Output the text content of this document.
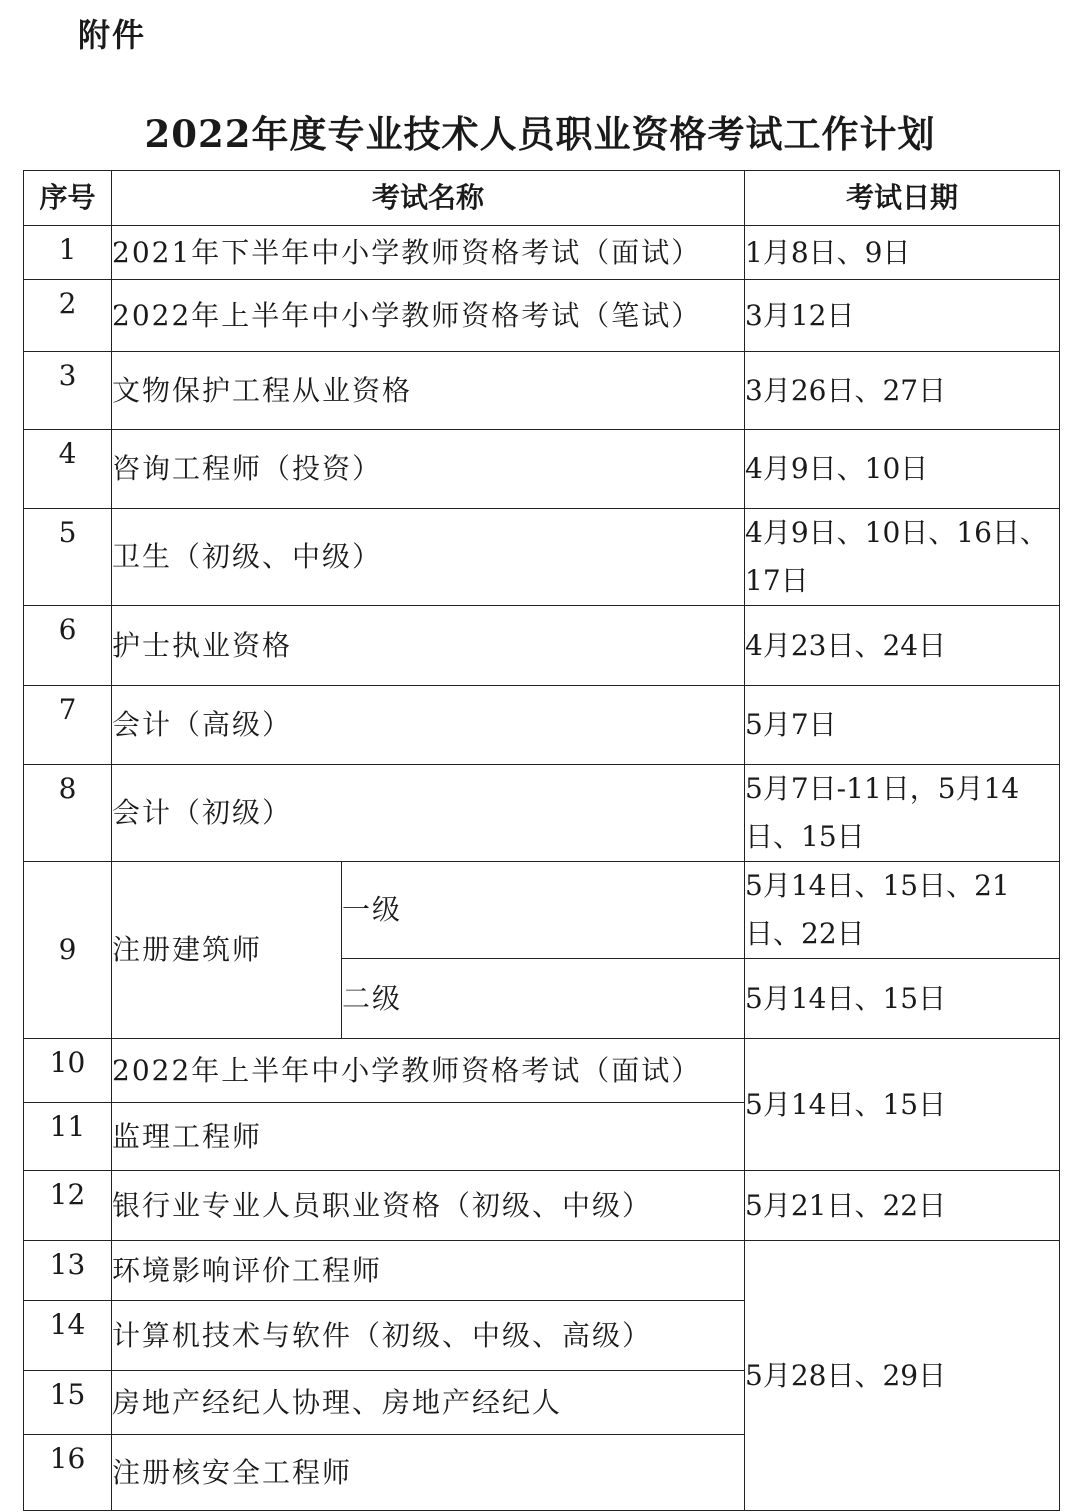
附件
2022年度专业技术人员职业资格考试工作计划
序号	考试名称		考试日期
1	2021年下半年中小学教师资格考试（面试）		1月8日、9日
2	2022年上半年中小学教师资格考试（笔试）		3月12日
3	文物保护工程从业资格		3月26日、27日
4	咨询工程师（投资）		4月9日、10日
5	卫生（初级、中级）		4月9日、10日、16日、17日
6	护士执业资格		4月23日、24日
7	会计（高级）		5月7日
8	会计（初级）		5月7日-11日，5月14日、15日
9	注册建筑师	一级	5月14日、15日、21日、22日
		二级	5月14日、15日
10	2022年上半年中小学教师资格考试（面试）		5月14日、15日
11	监理工程师		
12	银行业专业人员职业资格（初级、中级）		5月21日、22日
13	环境影响评价工程师		5月28日、29日
14	计算机技术与软件（初级、中级、高级）		
15	房地产经纪人协理、房地产经纪人		
16	注册核安全工程师		
